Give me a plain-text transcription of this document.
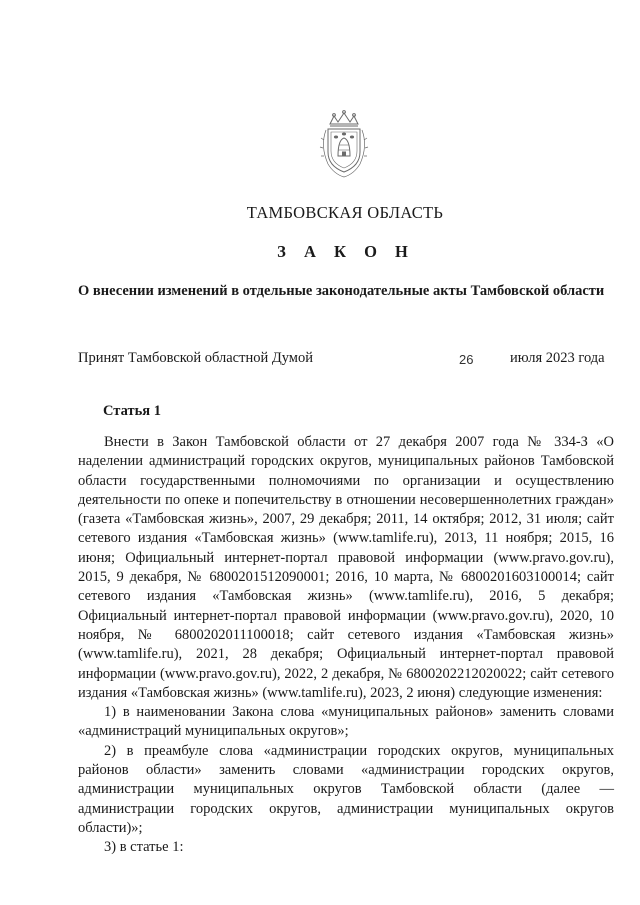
ТАМБОВСКАЯ ОБЛАСТЬ
З А К О Н
О внесении изменений в отдельные законодательные акты Тамбовской области
Принят Тамбовской областной Думой	26	июля 2023 года
Статья 1

Внести в Закон Тамбовской области от 27 декабря 2007 года № 334-З «О наделении администраций городских округов, муниципальных районов Тамбовской области государственными полномочиями по организации и осуществлению деятельности по опеке и попечительству в отношении несовершеннолетних граждан» (газета «Тамбовская жизнь», 2007, 29 декабря; 2011, 14 октября; 2012, 31 июля; сайт сетевого издания «Тамбовская жизнь» (www.tamlife.ru), 2013, 11 ноября; 2015, 16 июня; Официальный интернет-портал правовой информации (www.pravo.gov.ru), 2015, 9 декабря, № 6800201512090001; 2016, 10 марта, № 6800201603100014; сайт сетевого издания «Тамбовская жизнь» (www.tamlife.ru), 2016, 5 декабря; Официальный интернет-портал правовой информации (www.pravo.gov.ru), 2020, 10 ноября, № 6800202011100018; сайт сетевого издания «Тамбовская жизнь» (www.tamlife.ru), 2021, 28 декабря; Официальный интернет-портал правовой информации (www.pravo.gov.ru), 2022, 2 декабря, № 6800202212020022; сайт сетевого издания «Тамбовская жизнь» (www.tamlife.ru), 2023, 2 июня) следующие изменения:

1) в наименовании Закона слова «муниципальных районов» заменить словами «администраций муниципальных округов»;

2) в преамбуле слова «администрации городских округов, муниципальных районов области» заменить словами «администрации городских округов, администрации муниципальных округов Тамбовской области (далее — администрации городских округов, администрации муниципальных округов области)»;

3) в статье 1:
